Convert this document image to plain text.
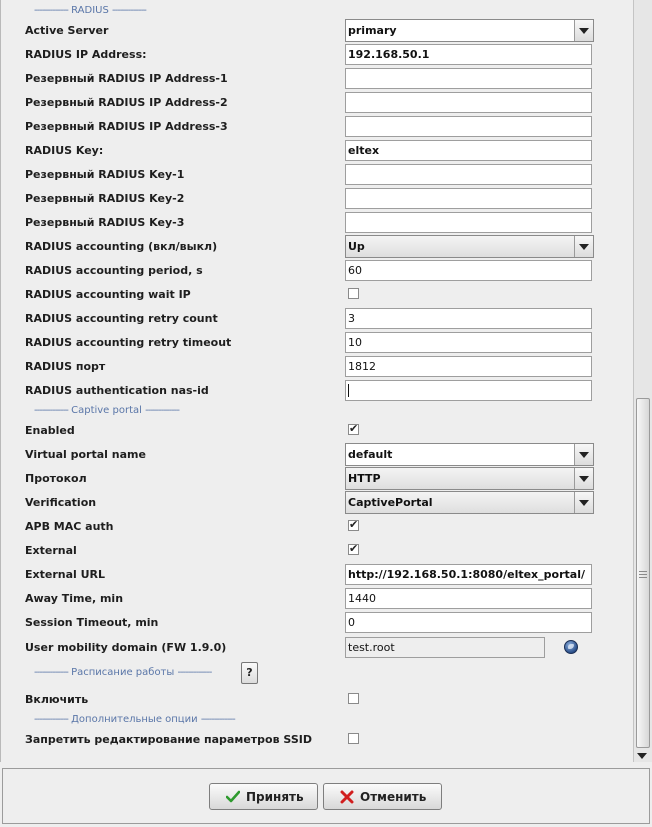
------------- RADIUS -------------
Active Server	primary
RADIUS IP Address:	192.168.50.1
Резервный RADIUS IP Address-1
Резервный RADIUS IP Address-2
Резервный RADIUS IP Address-3
RADIUS Key:	eltex
Резервный RADIUS Key-1
Резервный RADIUS Key-2
Резервный RADIUS Key-3
RADIUS accounting (вкл/выкл)	Up
RADIUS accounting period, s	60
RADIUS accounting wait IP
RADIUS accounting retry count	3
RADIUS accounting retry timeout	10
RADIUS порт	1812
RADIUS authentication nas-id
------------- Captive portal -------------
Enabled	✔
Virtual portal name	default
Протокол	HTTP
Verification	CaptivePortal
APB MAC auth	✔
External	✔
External URL	http://192.168.50.1:8080/eltex_portal/
Away Time, min	1440
Session Timeout, min	0
User mobility domain (FW 1.9.0)	test.root
------------- Расписание работы -------------	?
Включить
------------- Дополнительные опции -------------
Запретить редактирование параметров SSID
Принять	Отменить
